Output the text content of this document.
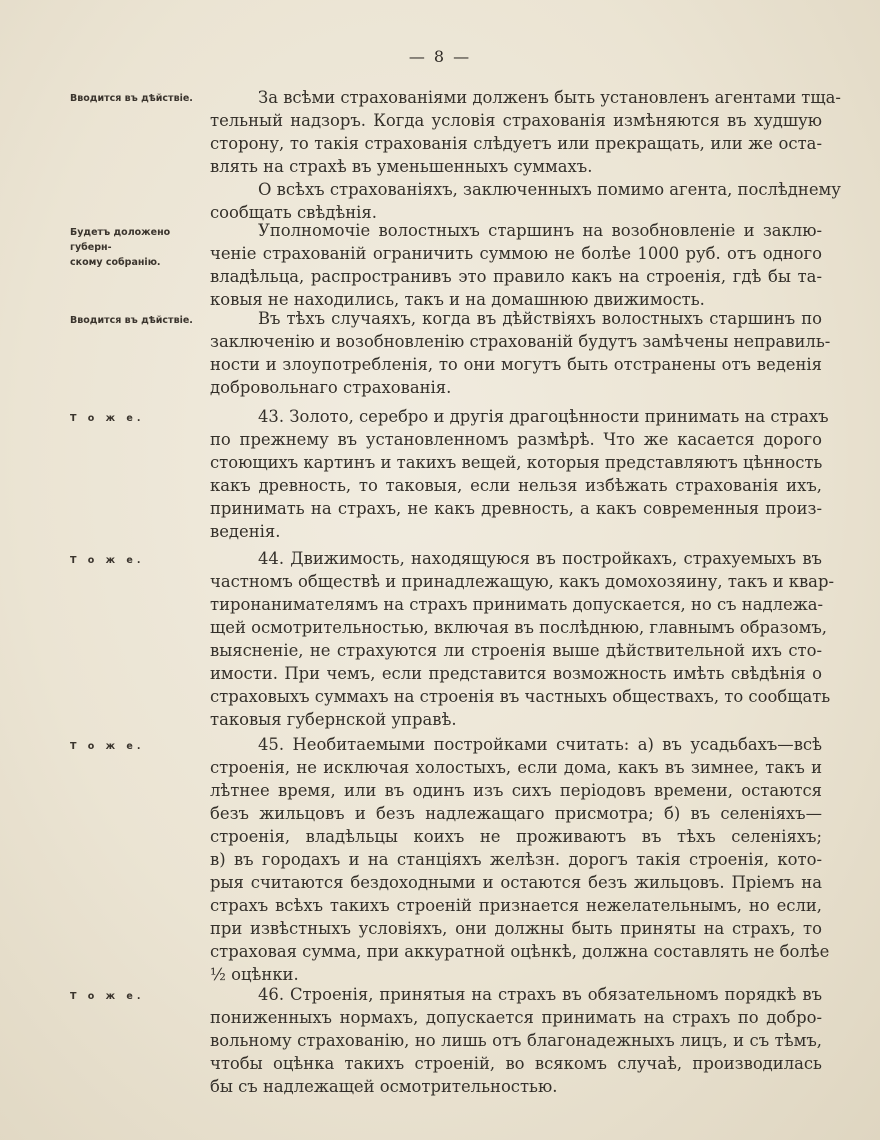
— 8 —
Вводится въ дѣйствіе.
Будетъ доложено губерн-
скому собранію.
Вводится въ дѣйствіе.
Т о ж е.
Т о ж е.
Т о ж е.
Т о ж е.
За всѣми страхованіями долженъ быть установленъ агентами тща-
тельный надзоръ. Когда условія страхованія измѣняются въ худшую
сторону, то такія страхованія слѣдуетъ или прекращать, или же оста-
влять на страхѣ въ уменьшенныхъ суммахъ.
О всѣхъ страхованіяхъ, заключенныхъ помимо агента, послѣднему
сообщать свѣдѣнія.
Уполномочіе волостныхъ старшинъ на возобновленіе и заклю-
ченіе страхованій ограничить суммою не болѣе 1000 руб. отъ одного
владѣльца, распространивъ это правило какъ на строенія, гдѣ бы та-
ковыя не находились, такъ и на домашнюю движимость.
Въ тѣхъ случаяхъ, когда въ дѣйствіяхъ волостныхъ старшинъ по
заключенію и возобновленію страхованій будутъ замѣчены неправиль-
ности и злоупотребленія, то они могутъ быть отстранены отъ веденія
добровольнаго страхованія.
43. Золото, серебро и другія драгоцѣнности принимать на страхъ
по прежнему въ установленномъ размѣрѣ. Что же касается дорого
стоющихъ картинъ и такихъ вещей, которыя представляютъ цѣнность
какъ древность, то таковыя, если нельзя избѣжать страхованія ихъ,
принимать на страхъ, не какъ древность, а какъ современныя произ-
веденія.
44. Движимость, находящуюся въ постройкахъ, страхуемыхъ въ
частномъ обществѣ и принадлежащую, какъ домохозяину, такъ и квар-
тиронанимателямъ на страхъ принимать допускается, но съ надлежа-
щей осмотрительностью, включая въ послѣднюю, главнымъ образомъ,
выясненіе, не страхуются ли строенія выше дѣйствительной ихъ сто-
имости. При чемъ, если представится возможность имѣть свѣдѣнія о
страховыхъ суммахъ на строенія въ частныхъ обществахъ, то сообщать
таковыя губернской управѣ.
45. Необитаемыми постройками считать: а) въ усадьбахъ—всѣ
строенія, не исключая холостыхъ, если дома, какъ въ зимнее, такъ и
лѣтнее время, или въ одинъ изъ сихъ періодовъ времени, остаются
безъ жильцовъ и безъ надлежащаго присмотра; б) въ селеніяхъ—
строенія, владѣльцы коихъ не проживаютъ въ тѣхъ селеніяхъ;
в) въ городахъ и на станціяхъ желѣзн. дорогъ такія строенія, кото-
рыя считаются бездоходными и остаются безъ жильцовъ. Пріемъ на
страхъ всѣхъ такихъ строеній признается нежелательнымъ, но если,
при извѣстныхъ условіяхъ, они должны быть приняты на страхъ, то
страховая сумма, при аккуратной оцѣнкѣ, должна составлять не болѣе
½ оцѣнки.
46. Строенія, принятыя на страхъ въ обязательномъ порядкѣ въ
пониженныхъ нормахъ, допускается принимать на страхъ по добро-
вольному страхованію, но лишь отъ благонадежныхъ лицъ, и съ тѣмъ,
чтобы оцѣнка такихъ строеній, во всякомъ случаѣ, производилась
бы съ надлежащей осмотрительностью.
